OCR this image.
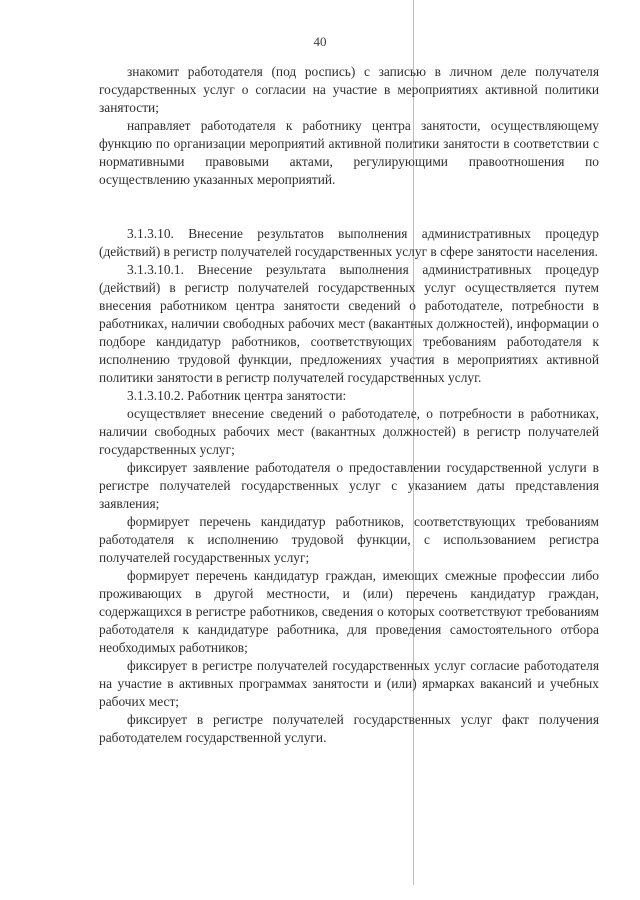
40

знакомит работодателя (под роспись) с записью в личном деле получателя государственных услуг о согласии на участие в мероприятиях активной политики занятости;

направляет работодателя к работнику центра занятости, осуществляющему функцию по организации мероприятий активной политики занятости в соответствии с нормативными правовыми актами, регулирующими правоотношения по осуществлению указанных мероприятий.

3.1.3.10. Внесение результатов выполнения административных процедур (действий) в регистр получателей государственных услуг в сфере занятости населения.

3.1.3.10.1. Внесение результата выполнения административных процедур (действий) в регистр получателей государственных услуг осуществляется путем внесения работником центра занятости сведений о работодателе, потребности в работниках, наличии свободных рабочих мест (вакантных должностей), информации о подборе кандидатур работников, соответствующих требованиям работодателя к исполнению трудовой функции, предложениях участия в мероприятиях активной политики занятости в регистр получателей государственных услуг.

3.1.3.10.2. Работник центра занятости:

осуществляет внесение сведений о работодателе, о потребности в работниках, наличии свободных рабочих мест (вакантных должностей) в регистр получателей государственных услуг;

фиксирует заявление работодателя о предоставлении государственной услуги в регистре получателей государственных услуг с указанием даты представления заявления;

формирует перечень кандидатур работников, соответствующих требованиям работодателя к исполнению трудовой функции, с использованием регистра получателей государственных услуг;

формирует перечень кандидатур граждан, имеющих смежные профессии либо проживающих в другой местности, и (или) перечень кандидатур граждан, содержащихся в регистре работников, сведения о которых соответствуют требованиям работодателя к кандидатуре работника, для проведения самостоятельного отбора необходимых работников;

фиксирует в регистре получателей государственных услуг согласие работодателя на участие в активных программах занятости и (или) ярмарках вакансий и учебных рабочих мест;

фиксирует в регистре получателей государственных услуг факт получения работодателем государственной услуги.
